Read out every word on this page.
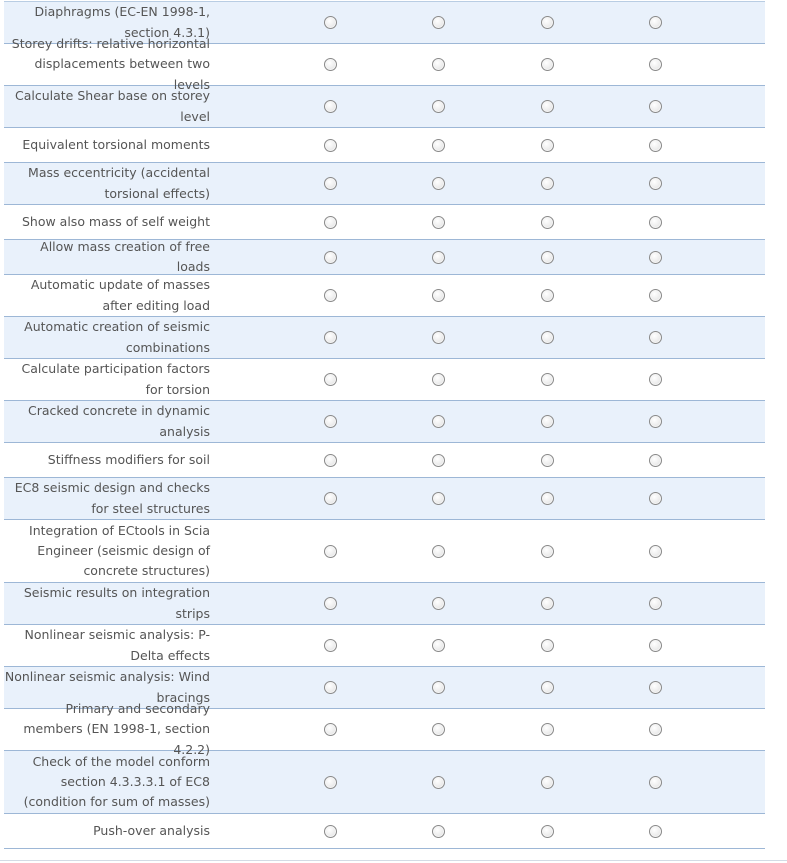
Diaphragms (EC-EN 1998-1, section 4.3.1)
Storey drifts: relative horizontal displacements between two levels
Calculate Shear base on storey level
Equivalent torsional moments
Mass eccentricity (accidental torsional effects)
Show also mass of self weight
Allow mass creation of free loads
Automatic update of masses after editing load
Automatic creation of seismic combinations
Calculate participation factors for torsion
Cracked concrete in dynamic analysis
Stiffness modifiers for soil
EC8 seismic design and checks for steel structures
Integration of ECtools in Scia Engineer (seismic design of concrete structures)
Seismic results on integration strips
Nonlinear seismic analysis: P-Delta effects
Nonlinear seismic analysis: Wind bracings
Primary and secondary members (EN 1998-1, section 4.2.2)
Check of the model conform section 4.3.3.3.1 of EC8 (condition for sum of masses)
Push-over analysis
